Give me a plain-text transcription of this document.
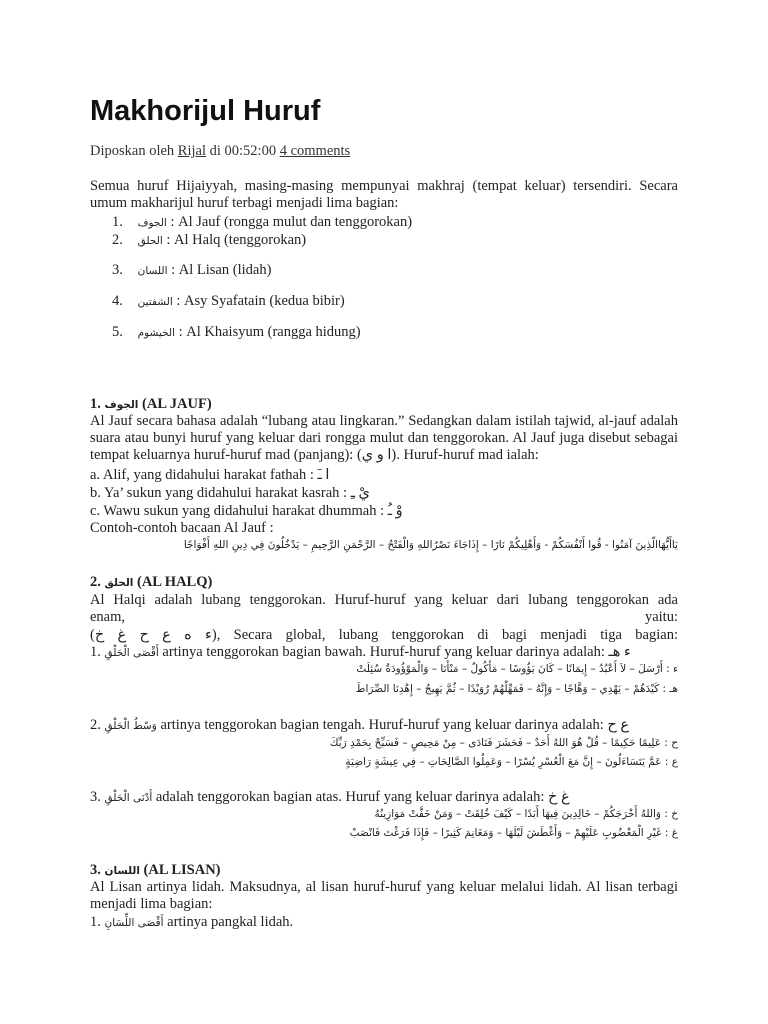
Makhorijul Huruf
Diposkan oleh Rijal di 00:52:00 4 comments
Semua huruf Hijaiyyah, masing-masing mempunyai makhraj (tempat keluar) tersendiri. Secara umum makharijul huruf terbagi menjadi lima bagian:
1. الجوف : Al Jauf (rongga mulut dan tenggorokan)
2. الحلق : Al Halq (tenggorokan)
3. اللسان : Al Lisan (lidah)
4. الشفتين : Asy Syafatain (kedua bibir)
5. الخيشوم : Al Khaisyum (rangga hidung)
1. الجوف (AL JAUF)
Al Jauf secara bahasa adalah “lubang atau lingkaran.” Sedangkan dalam istilah tajwid, al-jauf adalah suara atau bunyi huruf yang keluar dari rongga mulut dan tenggorokan. Al Jauf juga disebut sebagai tempat keluarnya huruf-huruf mad (panjang): (ا و ي). Huruf-huruf mad ialah:
a. Alif, yang didahului harakat fathah : ا ـَ
b. Ya’ sukun yang didahului harakat kasrah : يْ ـِ
c. Wawu sukun yang didahului harakat dhummah : وْ ـُ
Contoh-contoh bacaan Al Jauf :
يَاأَيُّهَاالَّذِينَ آمَنُوا - قُوا أَنْفُسَكُمْ - وَأَهْلِيكُمْ نَارًا – إِذَاجَاءَ نَصْرُاللهِ وَالْفَتْحُ – الرَّحْمَنِ الرَّحِيمِ – يَدْخُلُونَ فِي دِينِ اللهِ أَفْوَاجًا
2. الحلق (AL HALQ)
Al Halqi adalah lubang tenggorokan. Huruf-huruf yang keluar dari lubang tenggorokan ada
enam,	yaitu:
(ء ه ع ح غ خ), Secara global, lubang tenggorokan di bagi menjadi tiga bagian:
1. أَقْصَى الْحَلْقِ artinya tenggorokan bagian bawah. Huruf-huruf yang keluar darinya adalah: ء هـ
ء : أَرْسَلَ – لاَ أَعْبُدُ – إِيمَانًا – كَانَ يَؤُوسًا – مَأْكُولٌ – مَنْأَنَا – وَالْمَوْؤُودَةُ سُئِلَتْ
هـ : كَيْدَهُمْ – يَهْدِي – وَهَّاجًا – وَإِنَّهُ – فَمَهِّلْهُمْ رُوَيْدًا – ثُمَّ يَهِيجُ – إِهْدِنَا الصِّرَاطَ
2. وَسْطُ الْحَلْقِ artinya tenggorokan bagian tengah. Huruf-huruf yang keluar darinya adalah: ع ح
ح : عَلِيمًا حَكِيمًا – قُلْ هُوَ اللهُ أَحَدٌ – فَحَشَرَ فَنَادَى – مِنْ مَحِيصٍ – فَسَبِّحْ بِحَمْدِ رَبِّكَ
ع : عَمَّ يَتَسَاءَلُونَ – إِنَّ مَعَ الْعُسْرِ يُسْرًا – وَعَمِلُوا الصَّالِحَاتِ – فِي عِيشَةٍ رَاضِيَةٍ
3. أَدْنَى الْحَلْقِ adalah tenggorokan bagian atas. Huruf yang keluar darinya adalah: غ خ
خ : وَاللهُ أَخْرَجَكُمْ – خَالِدِينَ فِيهَا أَبَدًا – كَيْفَ خُلِقَتْ – وَمَنْ خَفَّتْ مَوَازِينُهُ
غ : غَيْرِ الْمَغْضُوبِ عَلَيْهِمْ – وَأَغْطَشَ لَيْلَهَا – وَمَغَانِمَ كَثِيرًا – فَإِذَا فَرَغْتَ فَانْصَبْ
3. اللسان (AL LISAN)
Al Lisan artinya lidah. Maksudnya, al lisan huruf-huruf yang keluar melalui lidah. Al lisan terbagi menjadi lima bagian:
1. أَقْصَى اللِّسَانِ artinya pangkal lidah.
